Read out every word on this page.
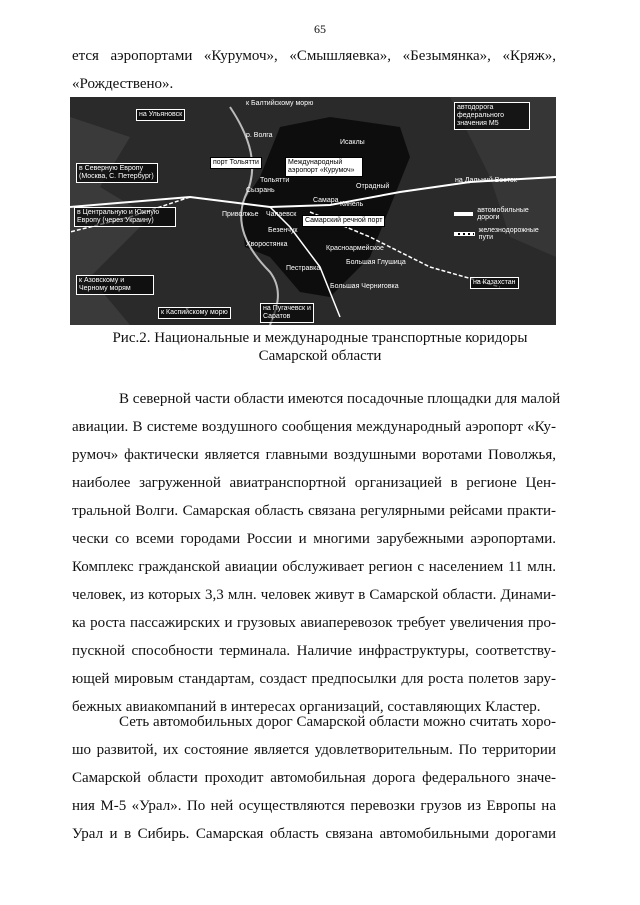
65
ется аэропортами «Курумоч», «Смышляевка», «Безымянка», «Кряж»,
«Рождествено».
на Ульяновск
к Балтийскому морю
автодорога федерального значения М5
р. Волга
Исаклы
порт Тольятти	Международный аэропорт «Курумоч»
в Северную Европу (Москва, С. Петербург)
на Дальний Восток
Тольятти
Сызрань
Отрадный
Самара
Кинель
в Центральную и Южную Европу (через Украину)
Чапаевск
Самарский речной порт
Приволжье
Безенчук
Хворостянка
Красноармейское
Большая Глушица
Пестравка
к Азовскому и Черному морям	Большая Черниговка
на Казахстан
к Каспийскому морю
на Пугачевск и Саратов
автомобильные дороги
железнодорожные пути
Рис.2. Национальные и международные транспортные коридоры
Самарской области
В северной части области имеются посадочные площадки для малой
авиации. В системе воздушного сообщения международный аэропорт «Ку-
румоч» фактически является главными воздушными воротами Поволжья,
наиболее загруженной авиатранспортной организацией в регионе Цен-
тральной Волги. Самарская область связана регулярными рейсами практи-
чески со всеми городами России и многими зарубежными аэропортами.
Комплекс гражданской авиации обслуживает регион с населением 11 млн.
человек, из которых 3,3 млн. человек живут в Самарской области. Динами-
ка роста пассажирских и грузовых авиаперевозок требует увеличения про-
пускной способности терминала. Наличие инфраструктуры, соответству-
ющей мировым стандартам, создаст предпосылки для роста полетов зару-
бежных авиакомпаний в интересах организаций, составляющих Кластер.
Сеть автомобильных дорог Самарской области можно считать хоро-
шо развитой, их состояние является удовлетворительным. По территории
Самарской области проходит автомобильная дорога федерального значе-
ния М-5 «Урал». По ней осуществляются перевозки грузов из Европы на
Урал и в Сибирь. Самарская область связана автомобильными дорогами
